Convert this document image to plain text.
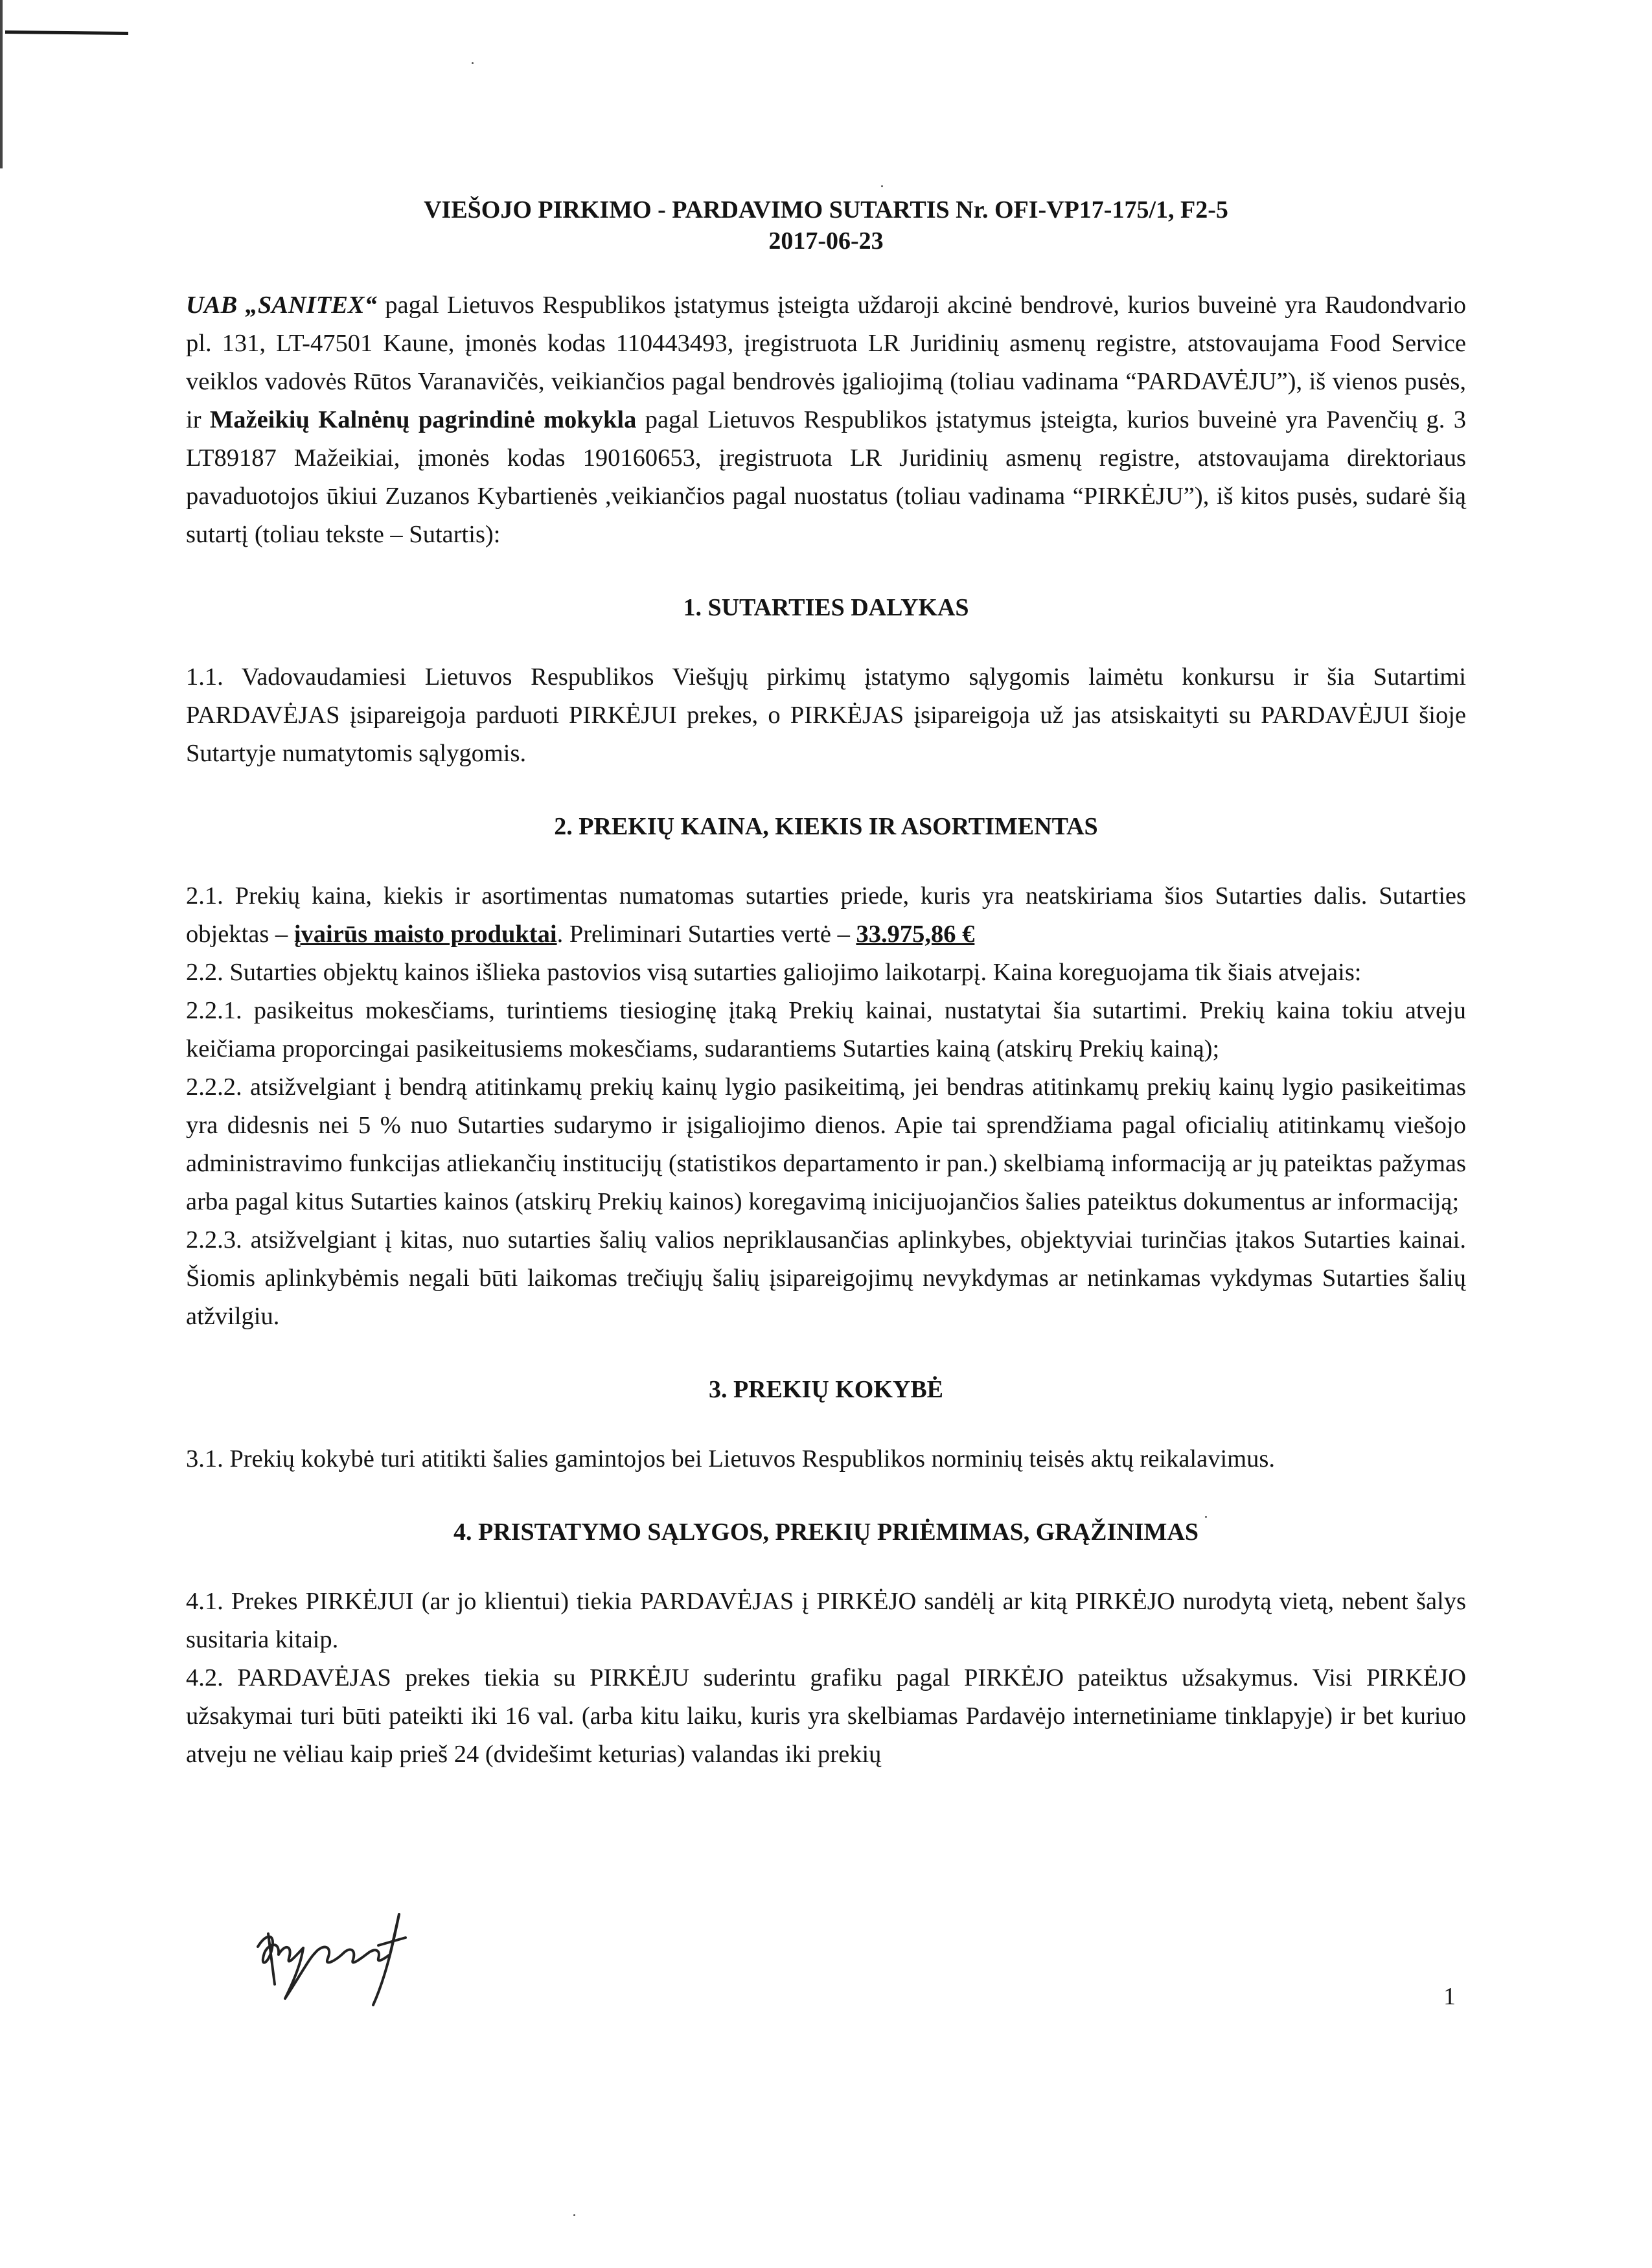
VIEŠOJO PIRKIMO - PARDAVIMO SUTARTIS Nr. OFI-VP17-175/1, F2-5
2017-06-23

UAB „SANITEX“ pagal Lietuvos Respublikos įstatymus įsteigta uždaroji akcinė bendrovė, kurios buveinė yra Raudondvario pl. 131, LT-47501 Kaune, įmonės kodas 110443493, įregistruota LR Juridinių asmenų registre, atstovaujama Food Service veiklos vadovės Rūtos Varanavičės, veikiančios pagal bendrovės įgaliojimą (toliau vadinama “PARDAVĖJU”), iš vienos pusės, ir Mažeikių Kalnėnų pagrindinė mokykla pagal Lietuvos Respublikos įstatymus įsteigta, kurios buveinė yra Pavenčių g. 3 LT89187 Mažeikiai, įmonės kodas 190160653, įregistruota LR Juridinių asmenų registre, atstovaujama direktoriaus pavaduotojos ūkiui Zuzanos Kybartienės ,veikiančios pagal nuostatus (toliau vadinama “PIRKĖJU”), iš kitos pusės, sudarė šią sutartį (toliau tekste – Sutartis):

1. SUTARTIES DALYKAS

1.1. Vadovaudamiesi Lietuvos Respublikos Viešųjų pirkimų įstatymo sąlygomis laimėtu konkursu ir šia Sutartimi PARDAVĖJAS įsipareigoja parduoti PIRKĖJUI prekes, o PIRKĖJAS įsipareigoja už jas atsiskaityti su PARDAVĖJUI šioje Sutartyje numatytomis sąlygomis.

2. PREKIŲ KAINA, KIEKIS IR ASORTIMENTAS

2.1. Prekių kaina, kiekis ir asortimentas numatomas sutarties priede, kuris yra neatskiriama šios Sutarties dalis. Sutarties objektas – įvairūs maisto produktai. Preliminari Sutarties vertė – 33.975,86 €

2.2. Sutarties objektų kainos išlieka pastovios visą sutarties galiojimo laikotarpį. Kaina koreguojama tik šiais atvejais:

2.2.1. pasikeitus mokesčiams, turintiems tiesioginę įtaką Prekių kainai, nustatytai šia sutartimi. Prekių kaina tokiu atveju keičiama proporcingai pasikeitusiems mokesčiams, sudarantiems Sutarties kainą (atskirų Prekių kainą);

2.2.2. atsižvelgiant į bendrą atitinkamų prekių kainų lygio pasikeitimą, jei bendras atitinkamų prekių kainų lygio pasikeitimas yra didesnis nei 5 % nuo Sutarties sudarymo ir įsigaliojimo dienos. Apie tai sprendžiama pagal oficialių atitinkamų viešojo administravimo funkcijas atliekančių institucijų (statistikos departamento ir pan.) skelbiamą informaciją ar jų pateiktas pažymas arba pagal kitus Sutarties kainos (atskirų Prekių kainos) koregavimą inicijuojančios šalies pateiktus dokumentus ar informaciją;

2.2.3. atsižvelgiant į kitas, nuo sutarties šalių valios nepriklausančias aplinkybes, objektyviai turinčias įtakos Sutarties kainai. Šiomis aplinkybėmis negali būti laikomas trečiųjų šalių įsipareigojimų nevykdymas ar netinkamas vykdymas Sutarties šalių atžvilgiu.

3. PREKIŲ KOKYBĖ

3.1. Prekių kokybė turi atitikti šalies gamintojos bei Lietuvos Respublikos norminių teisės aktų reikalavimus.

4. PRISTATYMO SĄLYGOS, PREKIŲ PRIĖMIMAS, GRĄŽINIMAS

4.1. Prekes PIRKĖJUI (ar jo klientui) tiekia PARDAVĖJAS į PIRKĖJO sandėlį ar kitą PIRKĖJO nurodytą vietą, nebent šalys susitaria kitaip.

4.2. PARDAVĖJAS prekes tiekia su PIRKĖJU suderintu grafiku pagal PIRKĖJO pateiktus užsakymus. Visi PIRKĖJO užsakymai turi būti pateikti iki 16 val. (arba kitu laiku, kuris yra skelbiamas Pardavėjo internetiniame tinklapyje) ir bet kuriuo atveju ne vėliau kaip prieš 24 (dvidešimt keturias) valandas iki prekių

1
